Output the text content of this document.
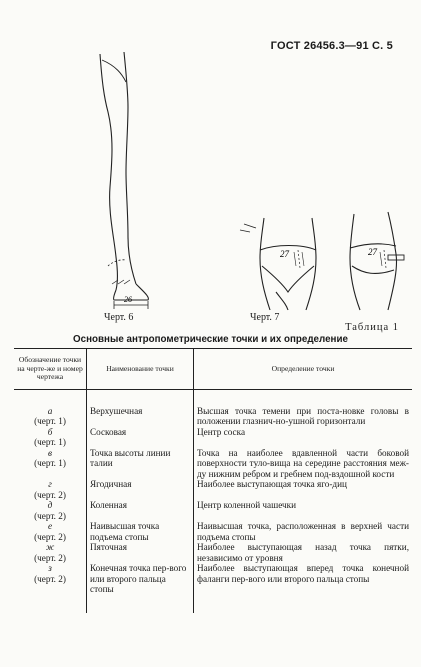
ГОСТ 26456.3—91 С. 5
26
Черт. 6
27	27
Черт. 7
Таблица 1
Основные антропометрические точки и их определение
Обозначение точки на черте-же и номер чертежа	Наименование точки	Определение точки

а
(черт. 1)	Верхушечная	Высшая точка темени при поста-новке головы в положении глазнич-но-ушной горизонтали

б
(черт. 1)	Сосковая	Центр соска

в
(черт. 1)	Точка высоты линии талии	Точка на наиболее вдавленной части боковой поверхности туло-вища на середине расстояния меж-ду нижним ребром и гребнем под-вздошной кости

г
(черт. 2)	Ягодичная	Наиболее выступающая точка яго-диц

д
(черт. 2)	Коленная	Центр коленной чашечки

е
(черт. 2)	Наивысшая точка подъема стопы	Наивысшая точка, расположенная в верхней части подъема стопы

ж
(черт. 2)	Пяточная	Наиболее выступающая назад точка пятки, независимо от уровня

з
(черт. 2)	Конечная точка пер-вого или второго пальца стопы	Наиболее выступающая вперед точка конечной фаланги пер-вого или второго пальца стопы
